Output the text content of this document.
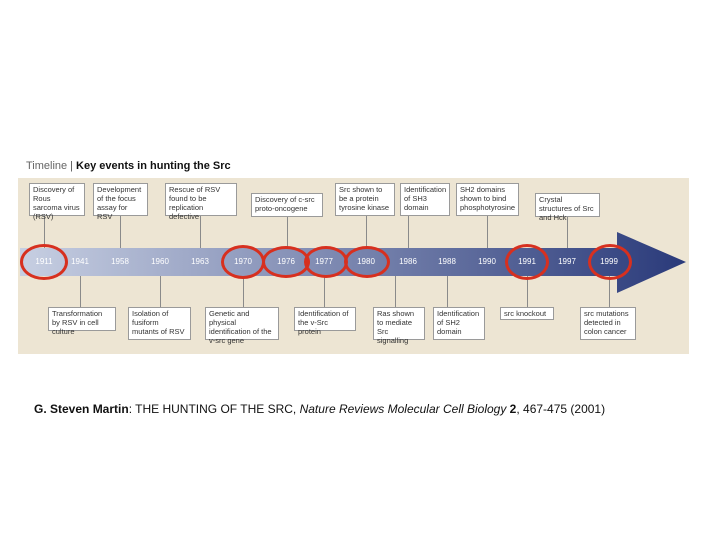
Timeline | Key events in hunting the Src
Discovery of Rous sarcoma virus (RSV)
Development of the focus assay for RSV
Rescue of RSV found to be replication defective
Discovery of c-src proto-oncogene
Src shown to be a protein tyrosine kinase
Identification of SH3 domain
SH2 domains shown to bind phosphotyrosine
Crystal structures of Src and Hck
Transformation by RSV in cell culture
Isolation of fusiform mutants of RSV
Genetic and physical identification of the v-src gene
Identification of the v-Src protein
Ras shown to mediate Src signalling
Identification of SH2 domain
src knockout	src mutations detected in colon cancer
1911 1941	1958	1960	1963	1970	1976	1977	1980	1986	1988	1990	1991	1997	1999
G. Steven Martin: THE HUNTING OF THE SRC, Nature Reviews Molecular Cell Biology 2, 467-475 (2001)
